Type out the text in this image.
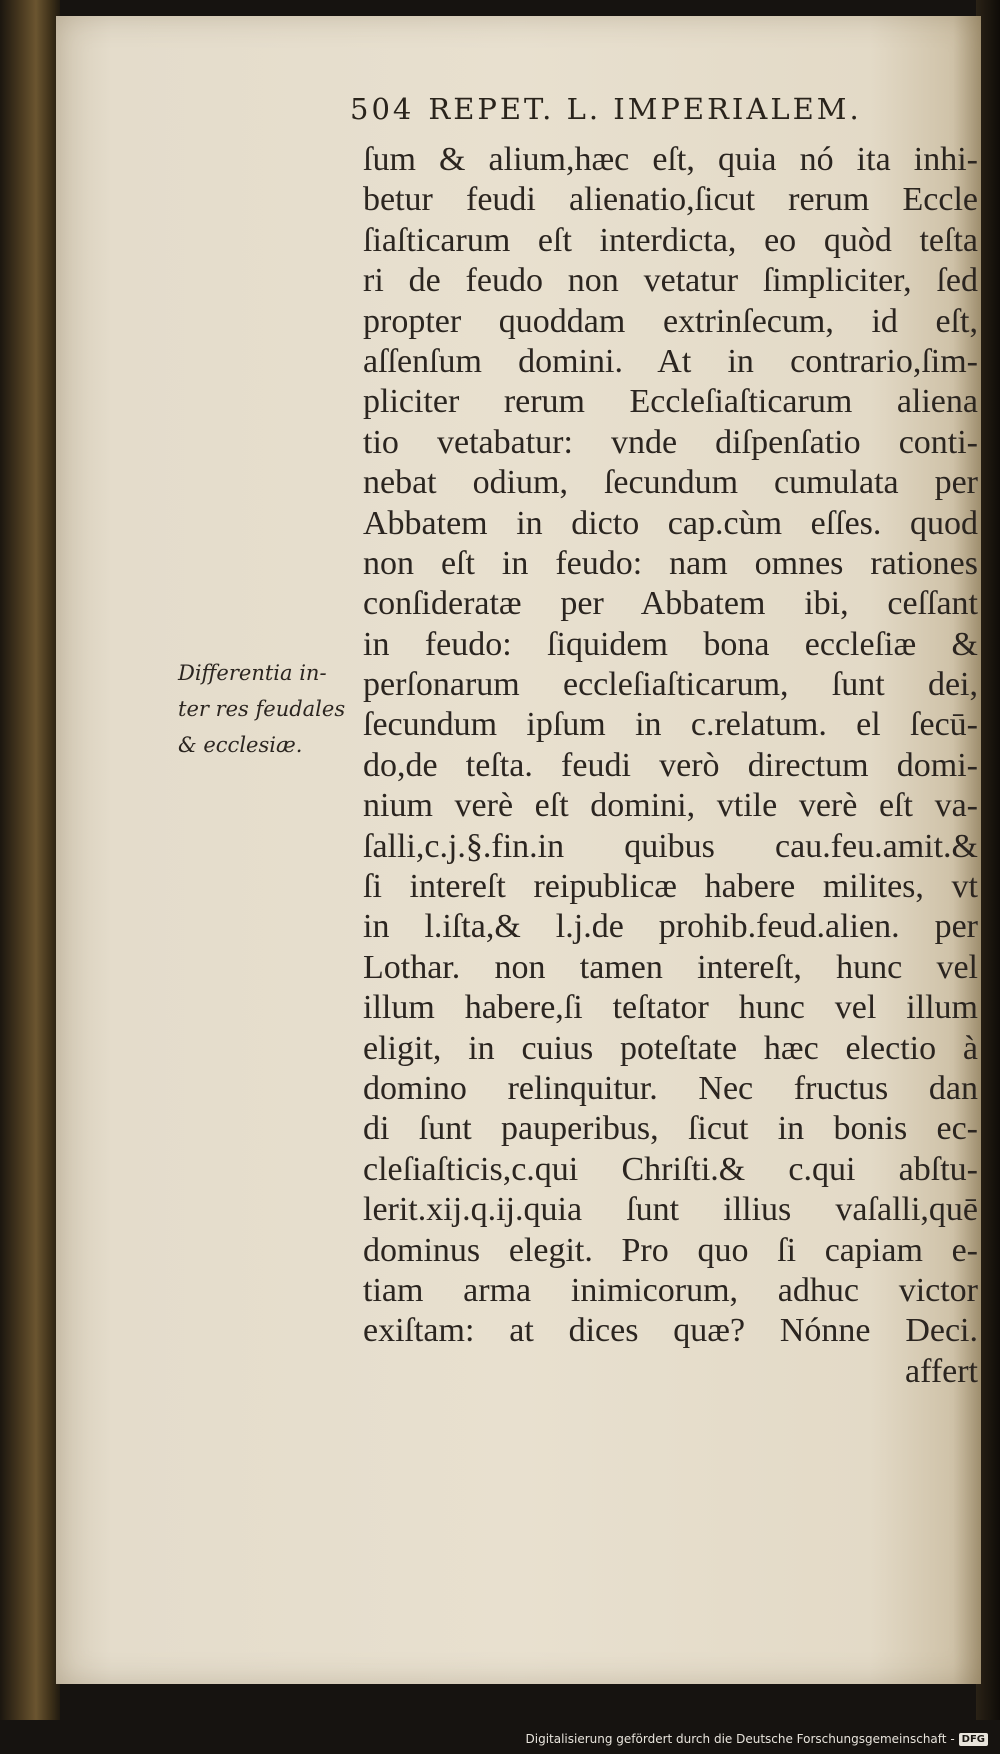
504 REPET. L. IMPERIALEM.
Differentia in-
ter res feudales
& ecclesiæ.
ſum & alium,hæc eſt, quia nó ita inhi-
betur feudi alienatio,ſicut rerum Eccle
ſiaſticarum eſt interdicta, eo quòd teſta
ri de feudo non vetatur ſimpliciter, ſed
propter quoddam extrinſecum, id eſt,
aſſenſum domini. At in contrario,ſim-
pliciter rerum Eccleſiaſticarum aliena
tio vetabatur: vnde diſpenſatio conti-
nebat odium, ſecundum cumulata per
Abbatem in dicto cap.cùm eſſes. quod
non eſt in feudo: nam omnes rationes
conſideratæ per Abbatem ibi, ceſſant
in feudo: ſiquidem bona eccleſiæ &
perſonarum eccleſiaſticarum, ſunt dei,
ſecundum ipſum in c.relatum. el ſecū-
do,de teſta. feudi verò directum domi-
nium verè eſt domini, vtile verè eſt va-
ſalli,c.j.§.fin.in quibus cau.feu.amit.&
ſi intereſt reipublicæ habere milites, vt
in l.iſta,& l.j.de prohib.feud.alien. per
Lothar. non tamen intereſt, hunc vel
illum habere,ſi teſtator hunc vel illum
eligit, in cuius poteſtate hæc electio à
domino relinquitur. Nec fructus dan
di ſunt pauperibus, ſicut in bonis ec-
cleſiaſticis,c.qui Chriſti.& c.qui abſtu-
lerit.xij.q.ij.quia ſunt illius vaſalli,quē
dominus elegit. Pro quo ſi capiam e-
tiam arma inimicorum, adhuc victor
exiſtam: at dices quæ? Nónne Deci.
affert
Digitalisierung gefördert durch die Deutsche Forschungsgemeinschaft - DFG
